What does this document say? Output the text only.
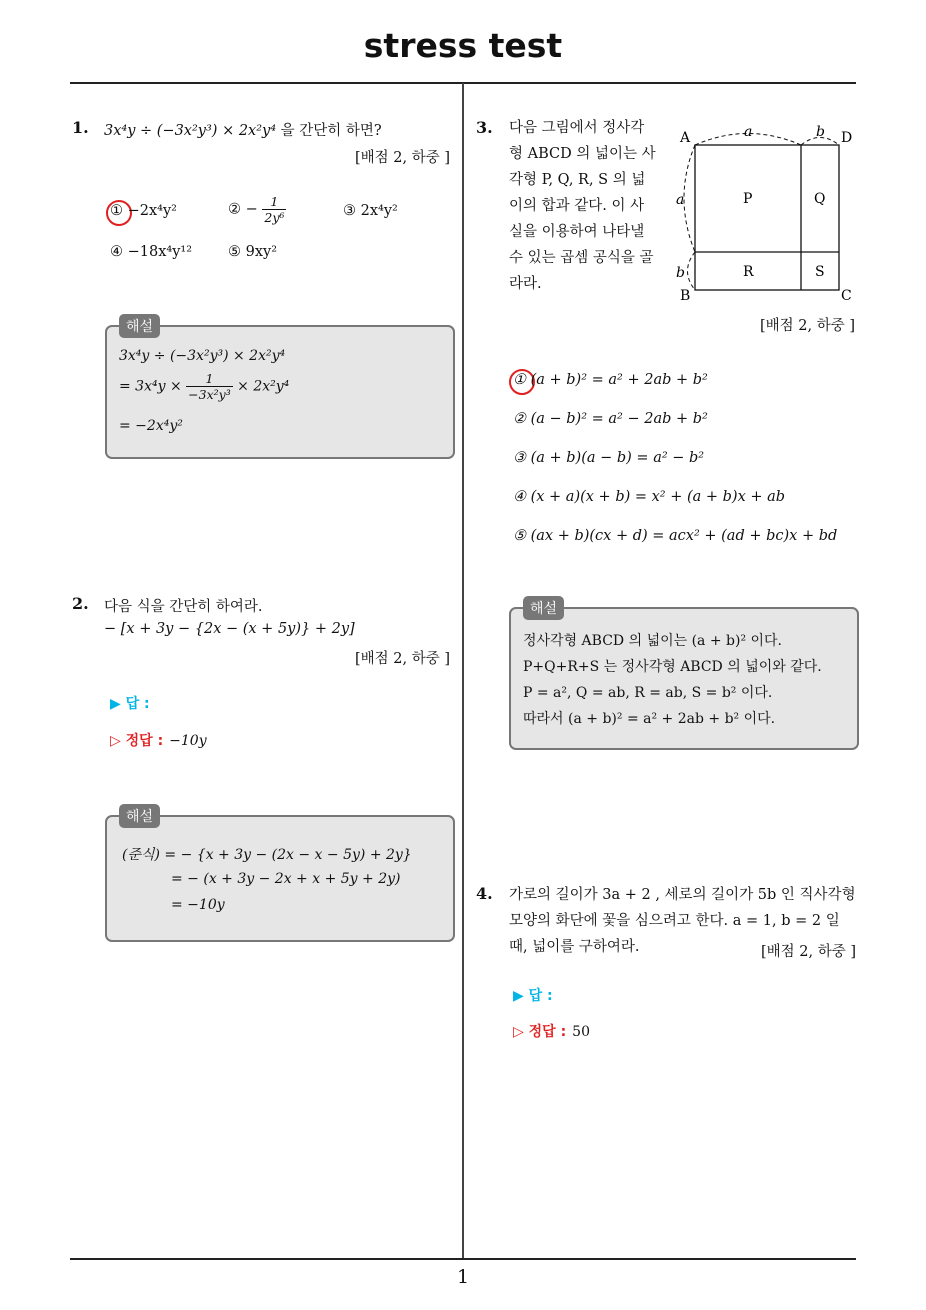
stress test
1
1. 3x⁴y ÷ (−3x²y³) × 2x²y⁴ 을 간단히 하면?
[배점 2, 하중 ]
① −2x⁴y²	② − $\frac{1}{\text{2y⁶}}$	③ 2x⁴y²
④ −18x⁴y¹² ⑤ 9xy²
해설
3x⁴y ÷ (−3x²y³) × 2x²y⁴
= $3x^4y \times \frac{1}{\text{−3x²y³}} \times 2x^2y^4$
= −2x⁴y²
2. 다음 식을 간단히 하여라.
− [x + 3y − {2x − (x + 5y)} + 2y]
[배점 2, 하중 ]
▶ 답 :
▷ 정답 : −10y
해설
(준식) = − {x + 3y − (2x − x − 5y) + 2y}
= − (x + 3y − 2x + x + 5y + 2y)
= −10y
3. 다음 그림에서 정사각
형 ABCD 의 넓이는 사
각형 P, Q, R, S 의 넓
이의 합과 같다. 이 사
실을 이용하여 나타낼
수 있는 곱셈 공식을 골
라라.
A	D
B	C
P	Q
R	S
a	b
a
b
[배점 2, 하중 ]
① (a + b)² = a² + 2ab + b²
② (a − b)² = a² − 2ab + b²
③ (a + b)(a − b) = a² − b²
④ (x + a)(x + b) = x² + (a + b)x + ab
⑤ (ax + b)(cx + d) = acx² + (ad + bc)x + bd
해설
정사각형 ABCD 의 넓이는 (a + b)² 이다.
P+Q+R+S 는 정사각형 ABCD 의 넓이와 같다.
P = a², Q = ab, R = ab, S = b² 이다.
따라서 (a + b)² = a² + 2ab + b² 이다.
4. 가로의 길이가 3a + 2 , 세로의 길이가 5b 인 직사각형
모양의 화단에 꽃을 심으려고 한다. a = 1, b = 2 일
때, 넓이를 구하여라.	[배점 2, 하중 ]
▶ 답 :
▷ 정답 : 50
